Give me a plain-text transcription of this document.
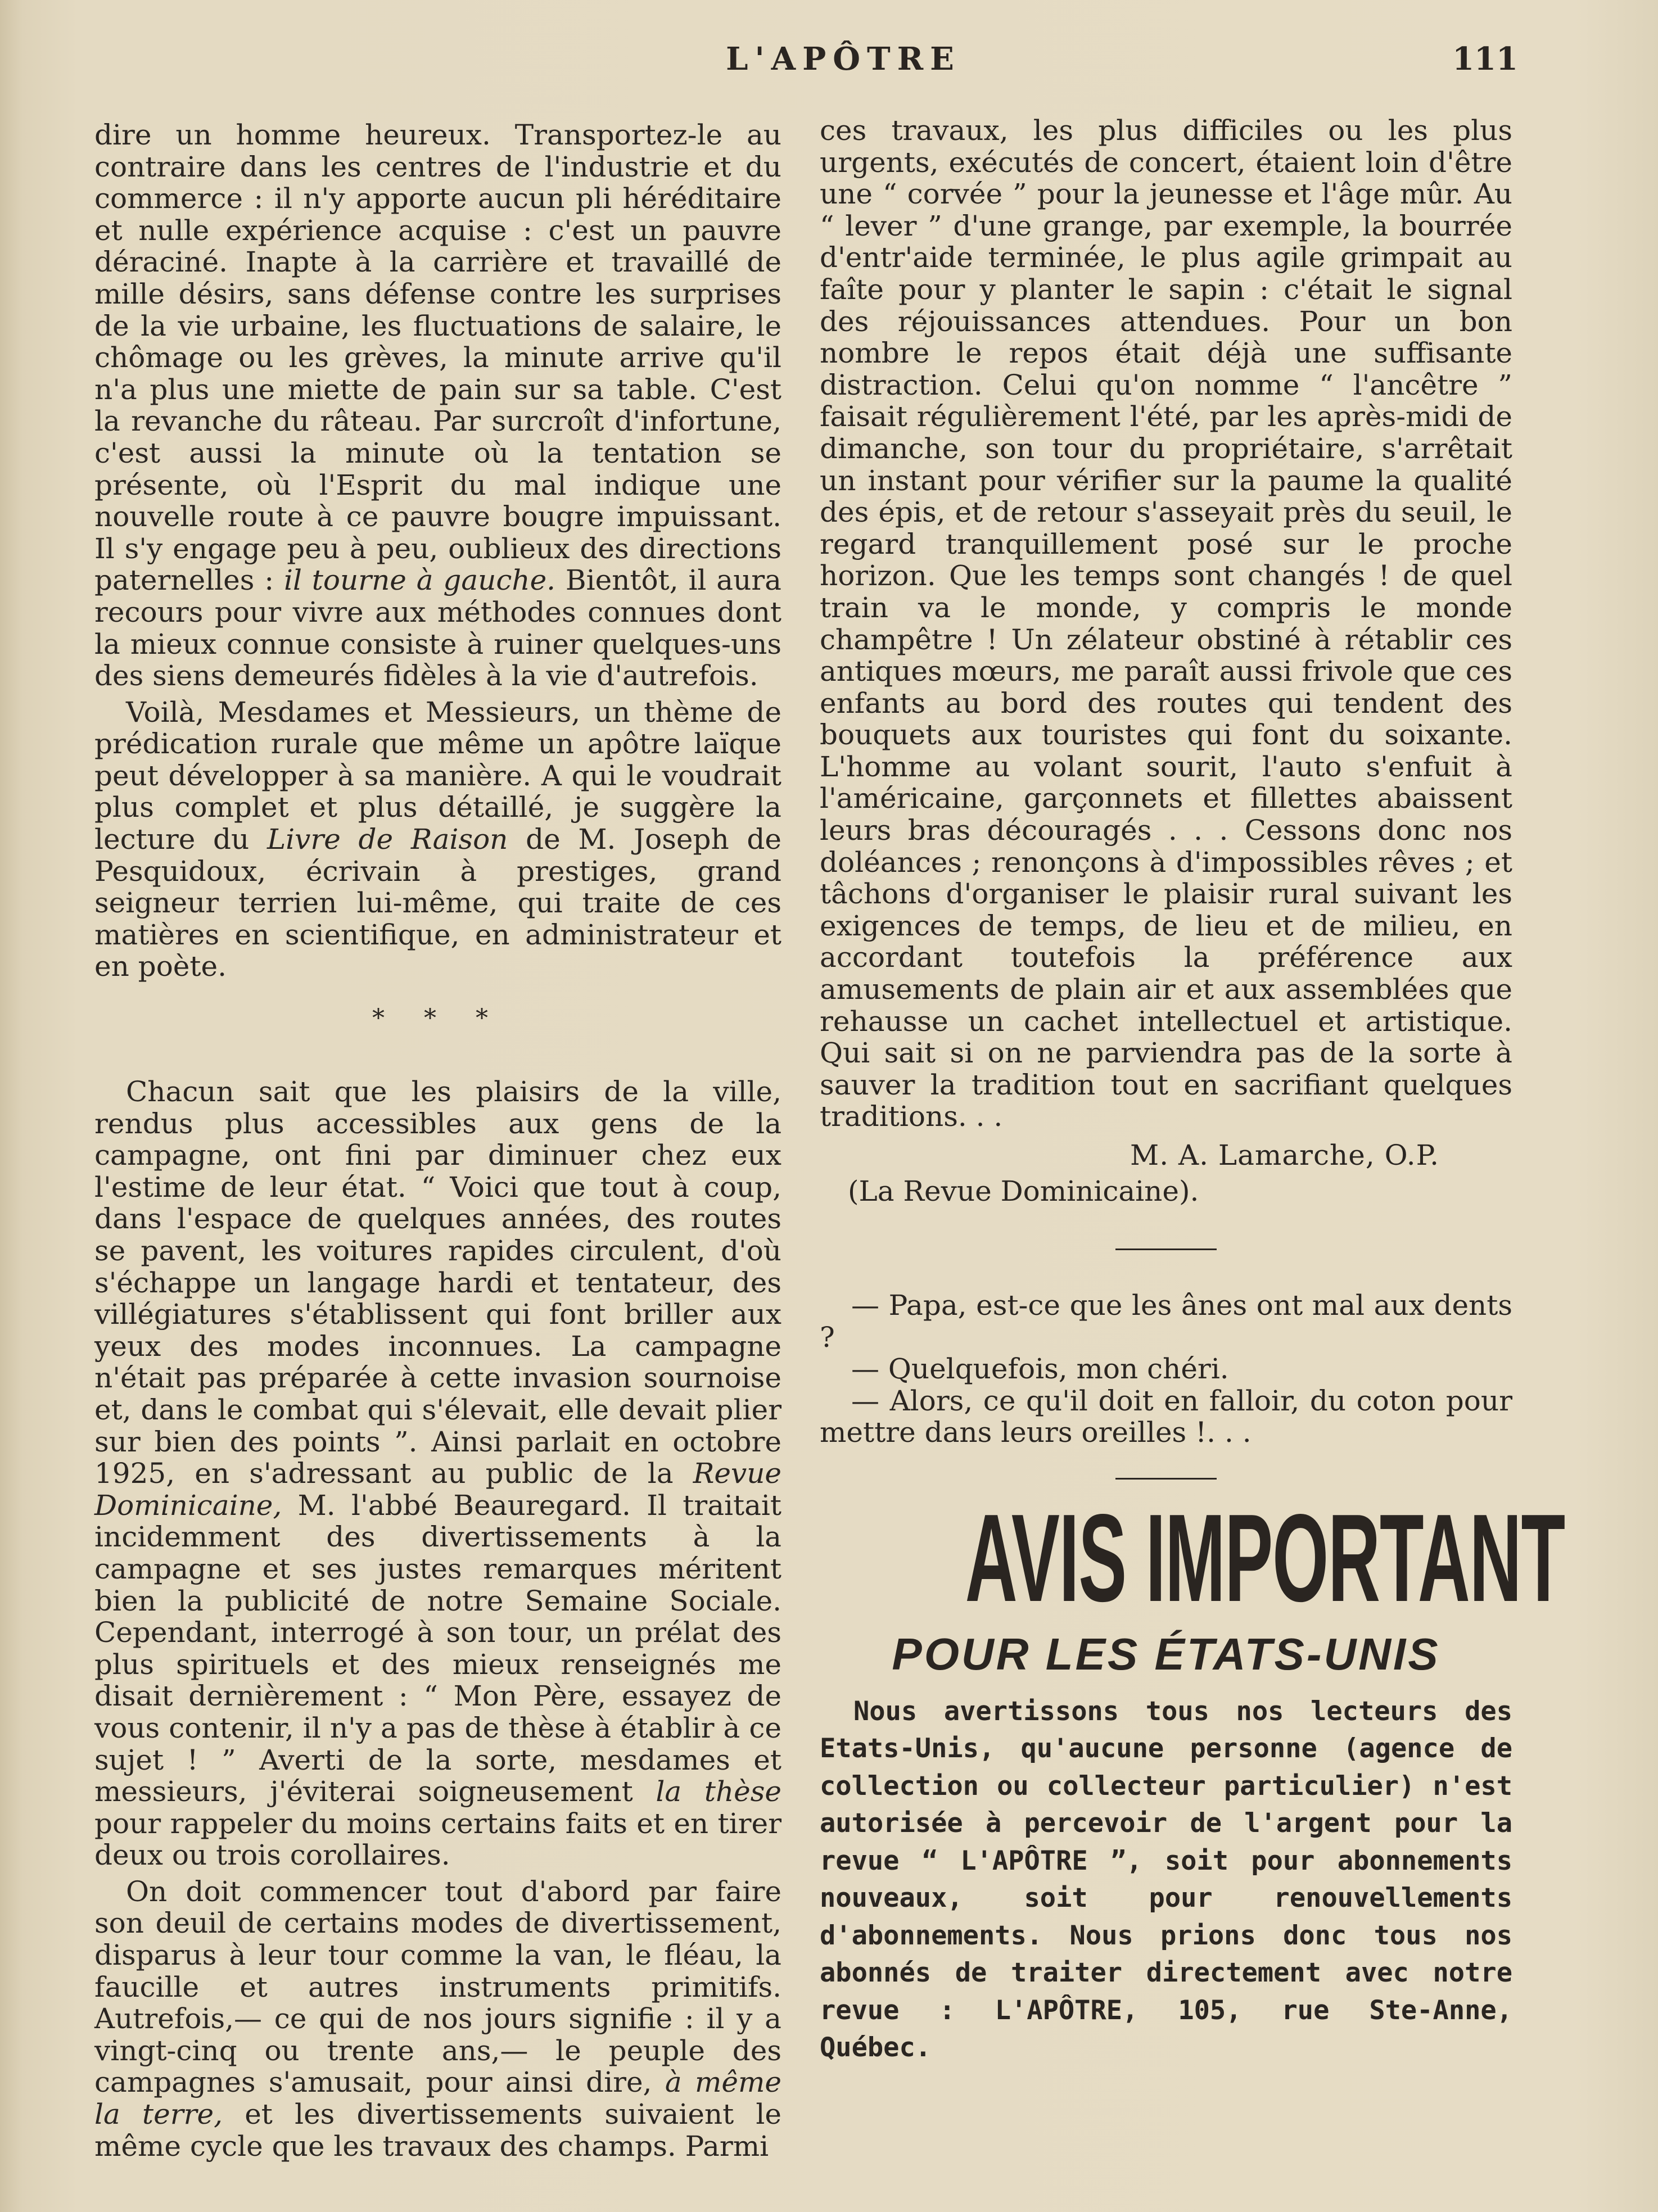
L'APÔTRE	111

dire un homme heureux. Transportez-le au contraire dans les centres de l'industrie et du commerce : il n'y apporte aucun pli héréditaire et nulle expérience acquise : c'est un pauvre déraciné. Inapte à la carrière et travaillé de mille désirs, sans défense contre les surprises de la vie urbaine, les fluctuations de salaire, le chômage ou les grèves, la minute arrive qu'il n'a plus une miette de pain sur sa table. C'est la revanche du râteau. Par surcroît d'infortune, c'est aussi la minute où la tentation se présente, où l'Esprit du mal indique une nouvelle route à ce pauvre bougre impuissant. Il s'y engage peu à peu, oublieux des directions paternelles : il tourne à gauche. Bientôt, il aura recours pour vivre aux méthodes connues dont la mieux connue consiste à ruiner quelques-uns des siens demeurés fidèles à la vie d'autrefois.

Voilà, Mesdames et Messieurs, un thème de prédication rurale que même un apôtre laïque peut développer à sa manière. A qui le voudrait plus complet et plus détaillé, je suggère la lecture du Livre de Raison de M. Joseph de Pesquidoux, écrivain à prestiges, grand seigneur terrien lui-même, qui traite de ces matières en scientifique, en administrateur et en poète.

* * *

Chacun sait que les plaisirs de la ville, rendus plus accessibles aux gens de la campagne, ont fini par diminuer chez eux l'estime de leur état. “ Voici que tout à coup, dans l'espace de quelques années, des routes se pavent, les voitures rapides circulent, d'où s'échappe un langage hardi et tentateur, des villégiatures s'établissent qui font briller aux yeux des modes inconnues. La campagne n'était pas préparée à cette invasion sournoise et, dans le combat qui s'élevait, elle devait plier sur bien des points ”. Ainsi parlait en octobre 1925, en s'adressant au public de la Revue Dominicaine, M. l'abbé Beauregard. Il traitait incidemment des divertissements à la campagne et ses justes remarques méritent bien la publicité de notre Semaine Sociale. Cependant, interrogé à son tour, un prélat des plus spirituels et des mieux renseignés me disait dernièrement : “ Mon Père, essayez de vous contenir, il n'y a pas de thèse à établir à ce sujet ! ” Averti de la sorte, mesdames et messieurs, j'éviterai soigneusement la thèse pour rappeler du moins certains faits et en tirer deux ou trois corollaires.

On doit commencer tout d'abord par faire son deuil de certains modes de divertissement, disparus à leur tour comme la van, le fléau, la faucille et autres instruments primitifs. Autrefois,— ce qui de nos jours signifie : il y a vingt-cinq ou trente ans,— le peuple des campagnes s'amusait, pour ainsi dire, à même la terre, et les divertissements suivaient le même cycle que les travaux des champs. Parmi

ces travaux, les plus difficiles ou les plus urgents, exécutés de concert, étaient loin d'être une “ corvée ” pour la jeunesse et l'âge mûr. Au “ lever ” d'une grange, par exemple, la bourrée d'entr'aide terminée, le plus agile grimpait au faîte pour y planter le sapin : c'était le signal des réjouissances attendues. Pour un bon nombre le repos était déjà une suffisante distraction. Celui qu'on nomme “ l'ancêtre ” faisait régulièrement l'été, par les après-midi de dimanche, son tour du propriétaire, s'arrêtait un instant pour vérifier sur la paume la qualité des épis, et de retour s'asseyait près du seuil, le regard tranquillement posé sur le proche horizon. Que les temps sont changés ! de quel train va le monde, y compris le monde champêtre ! Un zélateur obstiné à rétablir ces antiques mœurs, me paraît aussi frivole que ces enfants au bord des routes qui tendent des bouquets aux touristes qui font du soixante. L'homme au volant sourit, l'auto s'enfuit à l'américaine, garçonnets et fillettes abaissent leurs bras découragés . . . Cessons donc nos doléances ; renonçons à d'impossibles rêves ; et tâchons d'organiser le plaisir rural suivant les exigences de temps, de lieu et de milieu, en accordant toutefois la préférence aux amusements de plain air et aux assemblées que rehausse un cachet intellectuel et artistique. Qui sait si on ne parviendra pas de la sorte à sauver la tradition tout en sacrifiant quelques traditions. . .

M. A. Lamarche, O.P.
(La Revue Dominicaine).

— Papa, est-ce que les ânes ont mal aux dents ?

— Quelquefois, mon chéri.

— Alors, ce qu'il doit en falloir, du coton pour mettre dans leurs oreilles !. . .

AVIS IMPORTANT
POUR LES ÉTATS-UNIS

Nous avertissons tous nos lecteurs des Etats-Unis, qu'aucune personne (agence de collection ou collecteur particulier) n'est autorisée à percevoir de l'argent pour la revue “ L'APÔTRE ”, soit pour abonnements nouveaux, soit pour renouvellements d'abonnements. Nous prions donc tous nos abonnés de traiter directement avec notre revue : L'APÔTRE, 105, rue Ste-Anne, Québec.
